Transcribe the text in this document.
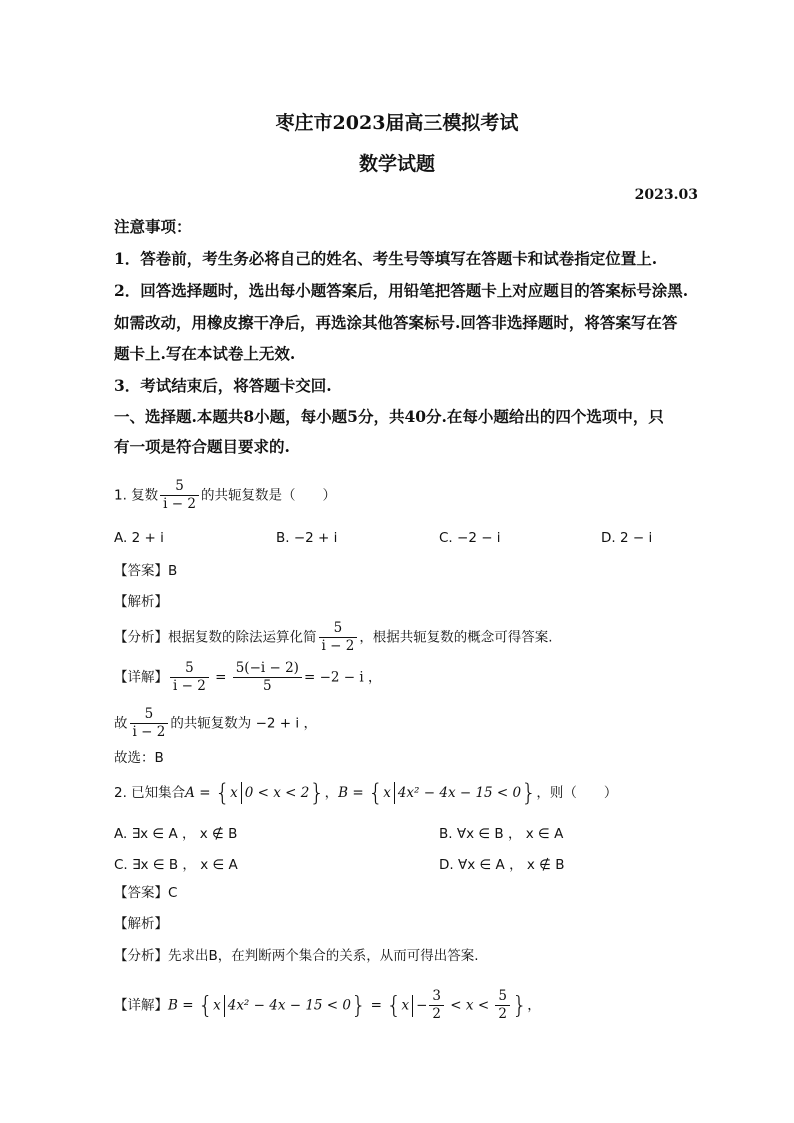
枣庄市2023届高三模拟考试
数学试题
2023.03
注意事项：
1．答卷前，考生务必将自己的姓名、考生号等填写在答题卡和试卷指定位置上.
2．回答选择题时，选出每小题答案后，用铅笔把答题卡上对应题目的答案标号涂黑.
如需改动，用橡皮擦干净后，再选涂其他答案标号.回答非选择题时，将答案写在答
题卡上.写在本试卷上无效.
3．考试结束后，将答题卡交回.
一、选择题.本题共8小题，每小题5分，共40分.在每小题给出的四个选项中，只
有一项是符合题目要求的.
1. 复数 $\frac{5}{i - 2}$ 的共轭复数是（　　）
A. 2 + i	B. −2 + i	C. −2 − i	D. 2 − i
【答案】B
【解析】
【分析】根据复数的除法运算化简 $\frac{5}{i - 2}$ ，根据共轭复数的概念可得答案.
【详解】 $\frac{5}{i - 2} = \frac{5(-i - 2)}{5} = -2 - i$ ，
故 $\frac{5}{i - 2}$ 的共轭复数为 −2 + i ，
故选：B
2. 已知集合A = {x 0 < x < 2}，B = {x 4x² − 4x − 15 < 0}，则（　　）
A. ∃x ∈ A ， x ∉ B	B. ∀x ∈ B ， x ∈ A
C. ∃x ∈ B ， x ∈ A	D. ∀x ∈ A ， x ∉ B
【答案】C
【解析】
【分析】先求出B，在判断两个集合的关系，从而可得出答案.
【详解】B = {x $4x^2 - 4x - 15 < 0\} = \{x - \frac{3}{2} < x < \frac{5}{2}$ }，
